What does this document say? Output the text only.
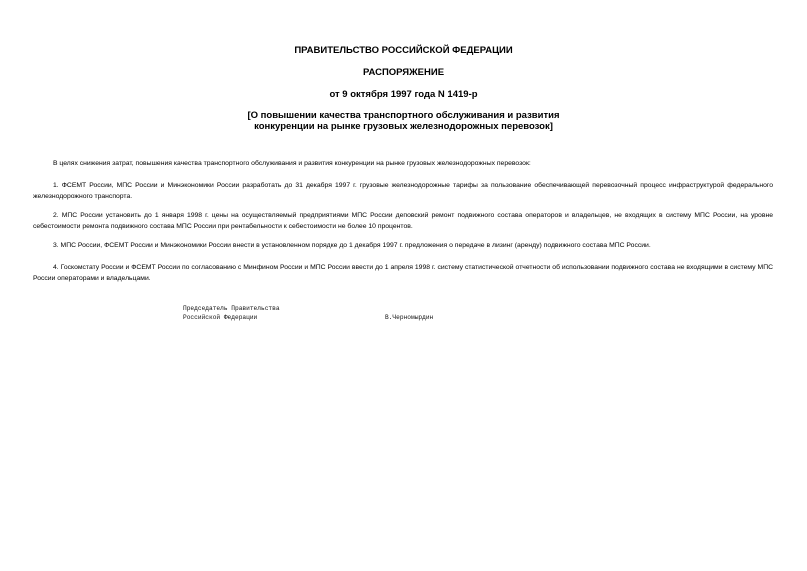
ПРАВИТЕЛЬСТВО РОССИЙСКОЙ ФЕДЕРАЦИИ
РАСПОРЯЖЕНИЕ
от 9 октября 1997 года N 1419-р
[О повышении качества транспортного обслуживания и развития
конкуренции на рынке грузовых железнодорожных перевозок]

В целях снижения затрат, повышения качества транспортного обслуживания и развития конкуренции на рынке грузовых железнодорожных перевозок:

1. ФСЕМТ России, МПС России и Минэкономики России разработать до 31 декабря 1997 г. грузовые железнодорожные тарифы за пользование обеспечивающей перевозочный процесс инфраструктурой федерального железнодорожного транспорта.

2. МПС России установить до 1 января 1998 г. цены на осуществляемый предприятиями МПС России деповский ремонт подвижного состава операторов и владельцев, не входящих в систему МПС России, на уровне себестоимости ремонта подвижного состава МПС России при рентабельности к себестоимости не более 10 процентов.

3. МПС России, ФСЕМТ России и Минэкономики России внести в установленном порядке до 1 декабря 1997 г. предложения о передаче в лизинг (аренду) подвижного состава МПС России.

4. Госкомстату России и ФСЕМТ России по согласованию с Минфином России и МПС России ввести до 1 апреля 1998 г. систему статистической отчетности об использовании подвижного состава не входящими в систему МПС России операторами и владельцами.

Председатель Правительства
Российской Федерации	В.Черномырдин
